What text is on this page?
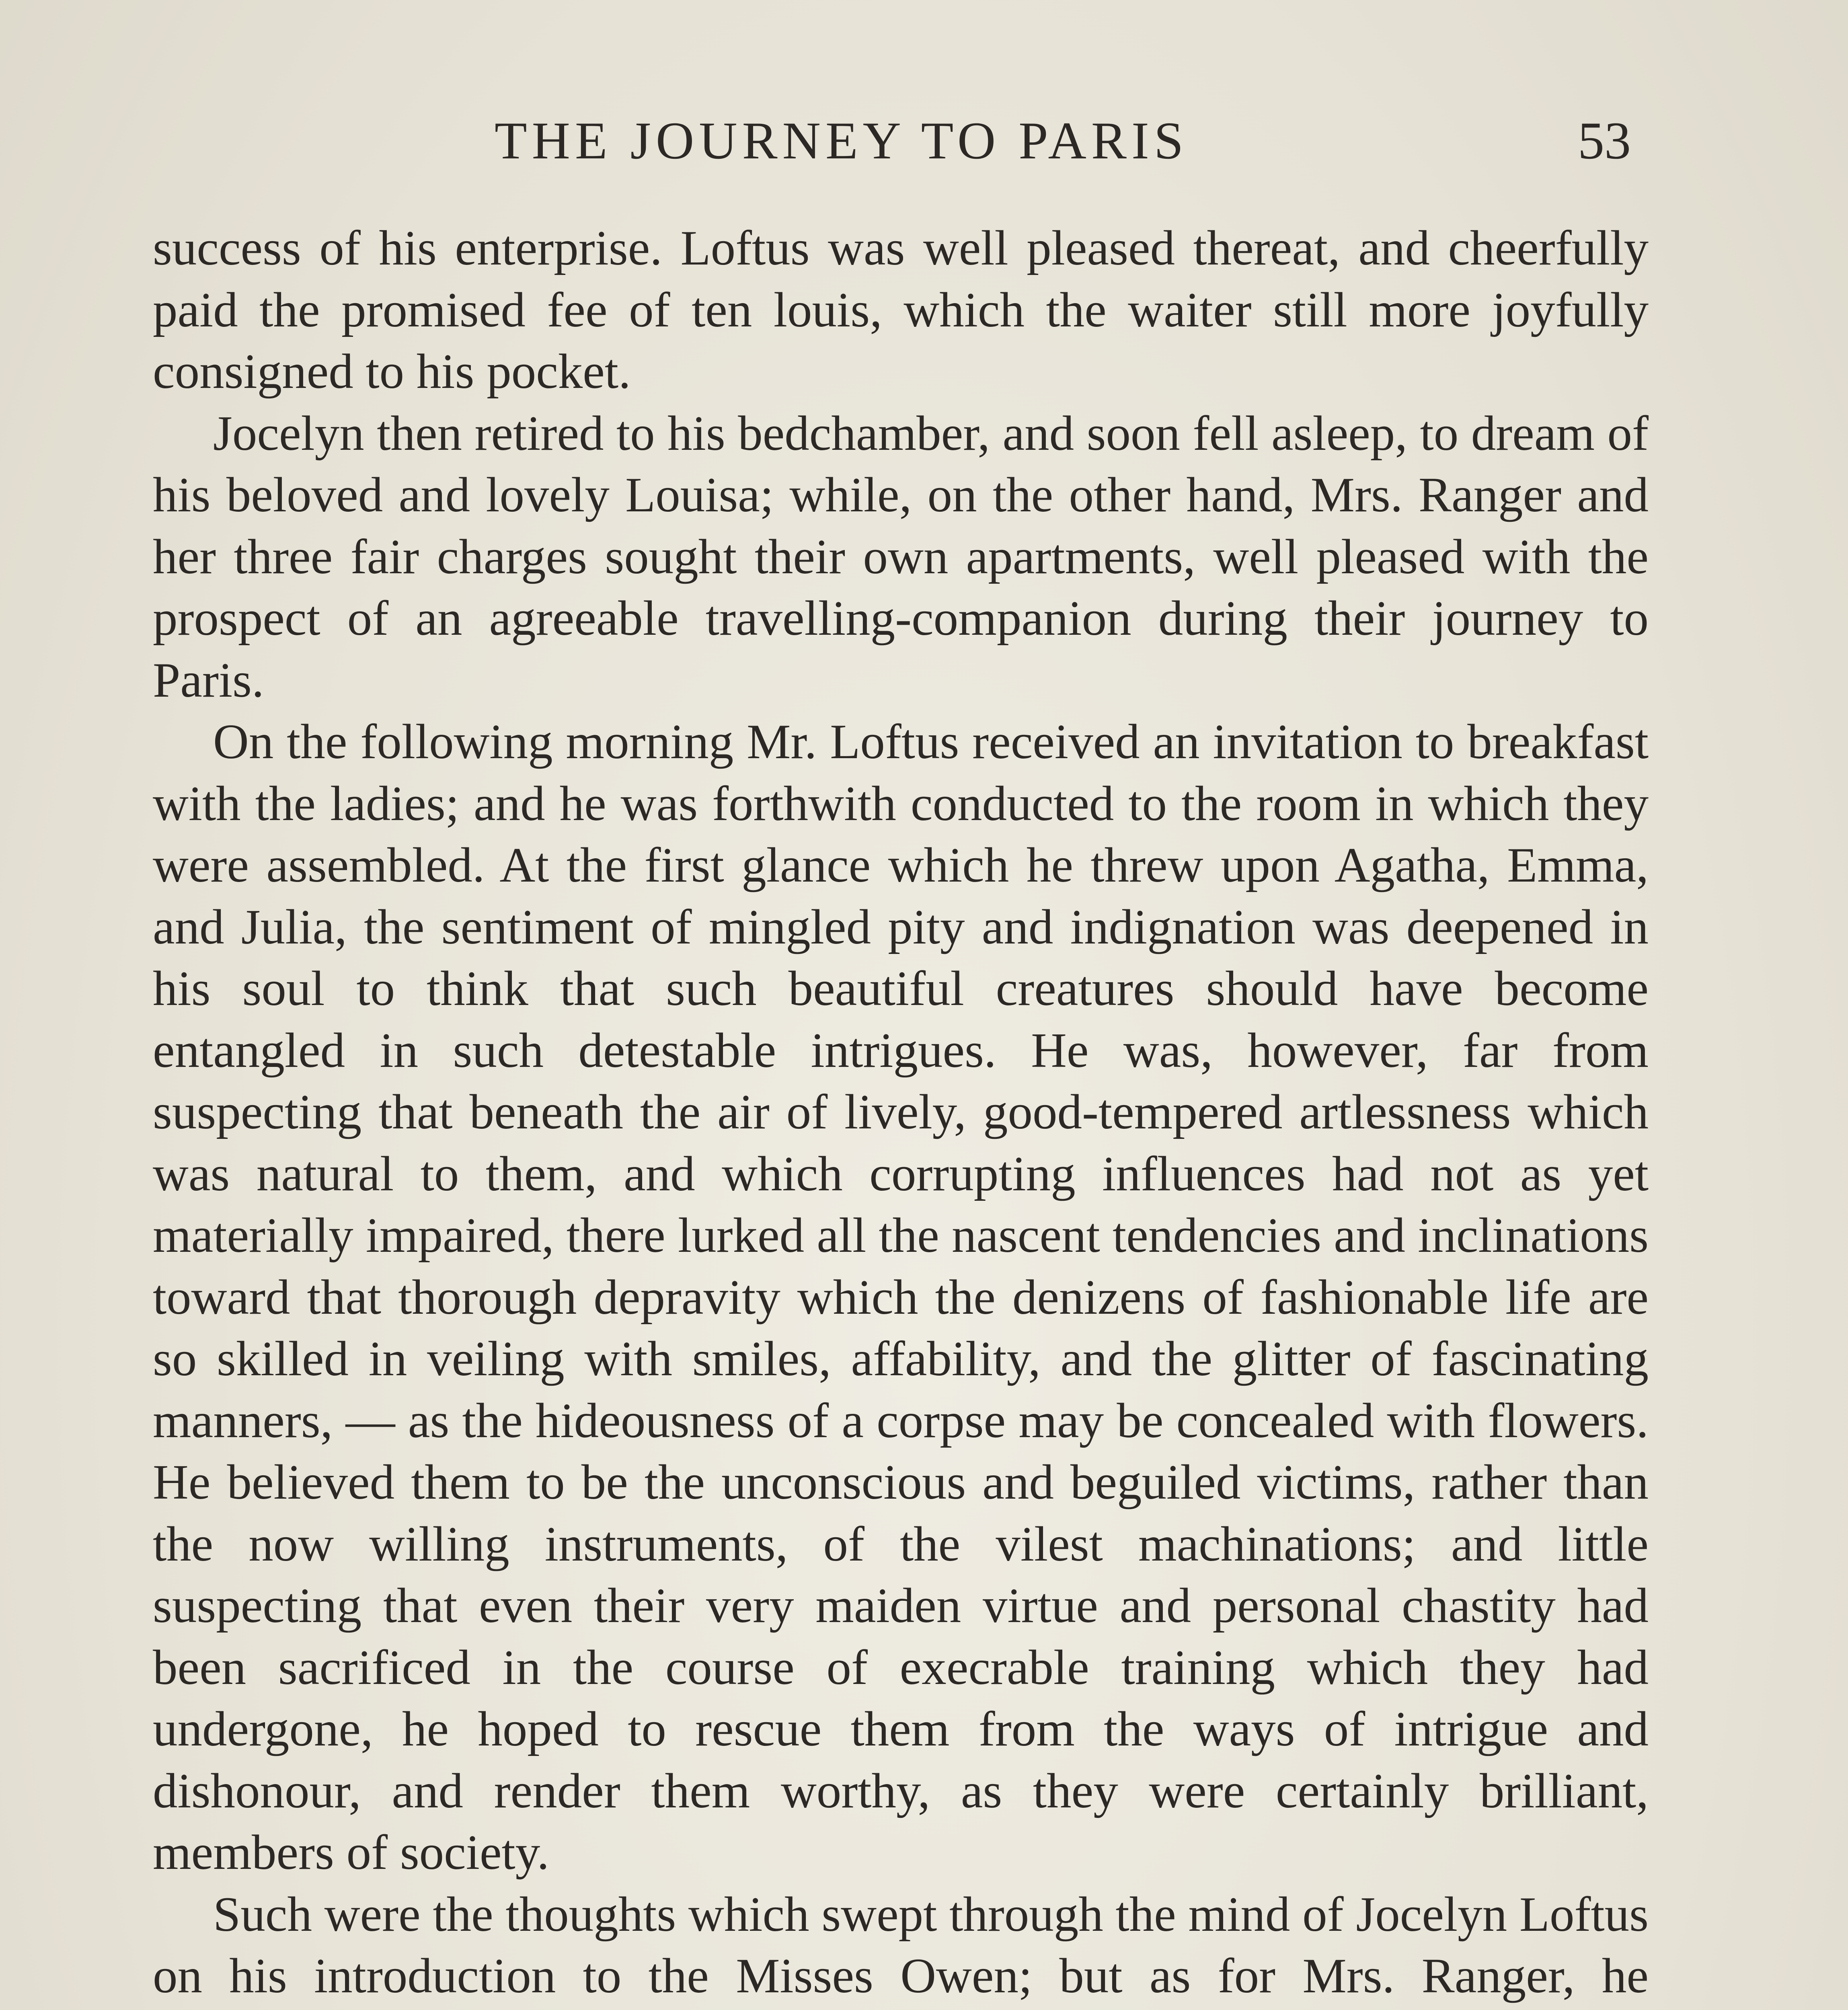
THE JOURNEY TO PARIS	53

success of his enterprise. Loftus was well pleased thereat, and cheerfully paid the promised fee of ten louis, which the waiter still more joyfully consigned to his pocket.

Jocelyn then retired to his bedchamber, and soon fell asleep, to dream of his beloved and lovely Louisa; while, on the other hand, Mrs. Ranger and her three fair charges sought their own apartments, well pleased with the prospect of an agreeable travelling-companion during their journey to Paris.

On the following morning Mr. Loftus received an invitation to breakfast with the ladies; and he was forthwith conducted to the room in which they were assembled. At the first glance which he threw upon Agatha, Emma, and Julia, the sentiment of mingled pity and indignation was deepened in his soul to think that such beautiful creatures should have become entangled in such detestable intrigues. He was, however, far from suspecting that beneath the air of lively, good-tempered artlessness which was natural to them, and which corrupting influences had not as yet materially impaired, there lurked all the nascent tendencies and inclinations toward that thorough depravity which the denizens of fashionable life are so skilled in veiling with smiles, affability, and the glitter of fascinating manners, — as the hideousness of a corpse may be concealed with flowers. He believed them to be the unconscious and beguiled victims, rather than the now willing instruments, of the vilest machinations; and little suspecting that even their very maiden virtue and personal chastity had been sacrificed in the course of execrable training which they had undergone, he hoped to rescue them from the ways of intrigue and dishonour, and render them worthy, as they were certainly brilliant, members of society.

Such were the thoughts which swept through the mind of Jocelyn Loftus on his introduction to the Misses Owen; but as for Mrs. Ranger, he
